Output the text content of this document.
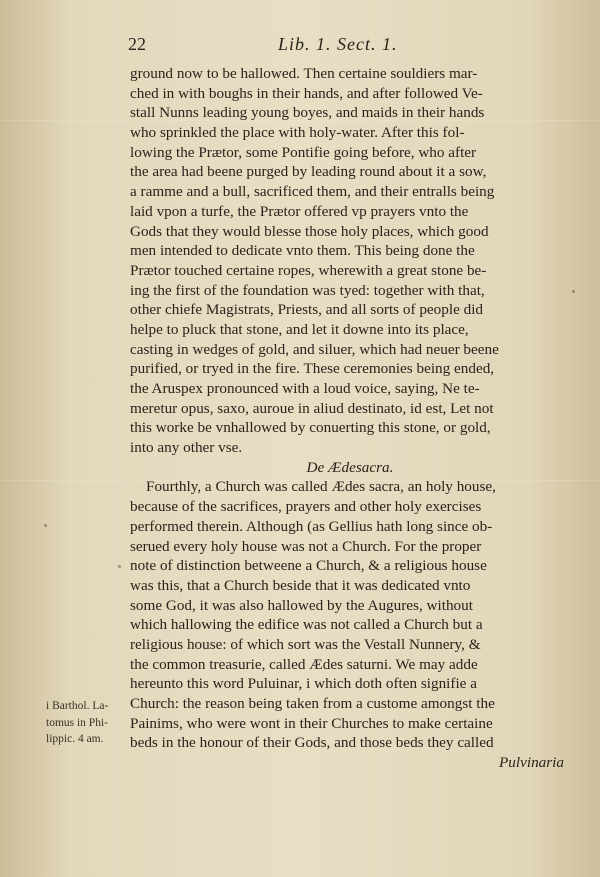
22	Lib. 1. Sect. 1.
ground now to be hallowed. Then certaine souldiers mar-
ched in with boughs in their hands, and after followed Ve-
stall Nunns leading young boyes, and maids in their hands
who sprinkled the place with holy-water. After this fol-
lowing the Prætor, some Pontifie going before, who after
the area had beene purged by leading round about it a sow,
a ramme and a bull, sacrificed them, and their entralls being
laid vpon a turfe, the Prætor offered vp prayers vnto the
Gods that they would blesse those holy places, which good
men intended to dedicate vnto them. This being done the
Prætor touched certaine ropes, wherewith a great stone be-
ing the first of the foundation was tyed: together with that,
other chiefe Magistrats, Priests, and all sorts of people did
helpe to pluck that stone, and let it downe into its place,
casting in wedges of gold, and siluer, which had neuer beene
purified, or tryed in the fire. These ceremonies being ended,
the Aruspex pronounced with a loud voice, saying, Ne te-
meretur opus, saxo, auroue in aliud destinato, id est, Let not
this worke be vnhallowed by conuerting this stone, or gold,
into any other vse.
De Ædesacra.
Fourthly, a Church was called Ædes sacra, an holy house,
because of the sacrifices, prayers and other holy exercises
performed therein. Although (as Gellius hath long since ob-
serued every holy house was not a Church. For the proper
note of distinction betweene a Church, & a religious house
was this, that a Church beside that it was dedicated vnto
some God, it was also hallowed by the Augures, without
which hallowing the edifice was not called a Church but a
religious house: of which sort was the Vestall Nunnery, &
the common treasurie, called Ædes saturni. We may adde
hereunto this word Puluinar, i which doth often signifie a
Church: the reason being taken from a custome amongst the
Painims, who were wont in their Churches to make certaine
beds in the honour of their Gods, and those beds they called
Pulvinaria
i Barthol. La-
tomus in Phi-
lippic. 4 am.
